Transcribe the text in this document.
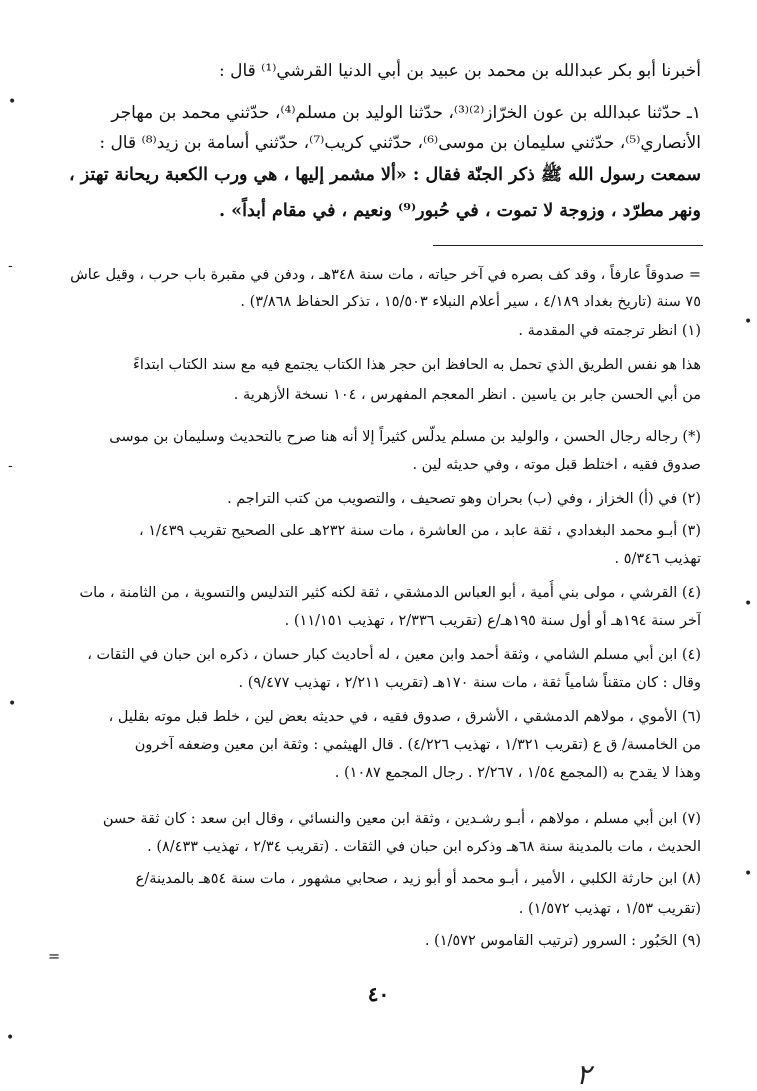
أخبرنا أبو بكر عبدالله بن محمد بن عبيد بن أبي الدنيا القرشي⁽¹⁾ قال :
١ـ حدّثنا عبدالله بن عون الخرّاز⁽²⁾⁽³⁾، حدّثنا الوليد بن مسلم⁽⁴⁾، حدّثني محمد بن مهاجر
الأنصاري⁽⁵⁾، حدّثني سليمان بن موسى⁽⁶⁾، حدّثني كريب⁽⁷⁾، حدّثني أسامة بن زيد⁽⁸⁾ قال :
سمعت رسول الله ﷺ ذكر الجنّة فقال : «ألا مشمر إليها ، هي ورب الكعبة ريحانة تهتز ،
ونهر مطرّد ، وزوجة لا تموت ، في حُبور⁽⁹⁾ ونعيم ، في مقام أبداً» .
= صدوقاً عارفاً ، وقد كف بصره في آخر حياته ، مات سنة ٣٤٨هـ ، ودفن في مقبرة باب حرب ، وقيل عاش
٧٥ سنة (تاريخ بغداد ٤/١٨٩ ، سير أعلام النبلاء ١٥/٥٠٣ ، تذكر الحفاظ ٣/٨٦٨) .
(١) انظر ترجمته في المقدمة .
هذا هو نفس الطريق الذي تحمل به الحافظ ابن حجر هذا الكتاب يجتمع فيه مع سند الكتاب ابتداءً
من أبي الحسن جابر بن ياسين . انظر المعجم المفهرس ، ١٠٤ نسخة الأزهرية .
(*) رجاله رجال الحسن ، والوليد بن مسلم يدلّس كثيراً إلا أنه هنا صرح بالتحديث وسليمان بن موسى
صدوق فقيه ، اختلط قبل موته ، وفي حديثه لين .
(٢) في (أ) الخزاز ، وفي (ب) بحران وهو تصحيف ، والتصويب من كتب التراجم .
(٣) أبـو محمد البغدادي ، ثقة عابد ، من العاشرة ، مات سنة ٢٣٢هـ على الصحيح تقريب ١/٤٣٩ ،
تهذيب ٥/٣٤٦ .
(٤) القرشي ، مولى بني أُمية ، أبو العباس الدمشقي ، ثقة لكنه كثير التدليس والتسوية ، من الثامنة ، مات
آخر سنة ١٩٤هـ أو أول سنة ١٩٥هـ/ع (تقريب ٢/٣٣٦ ، تهذيب ١١/١٥١) .
(٤) ابن أبي مسلم الشامي ، وثقة أحمد وابن معين ، له أحاديث كبار حسان ، ذكره ابن حبان في الثقات ،
وقال : كان متقناً شامياً ثقة ، مات سنة ١٧٠هـ (تقريب ٢/٢١١ ، تهذيب ٩/٤٧٧) .
(٦) الأموي ، مولاهم الدمشقي ، الأشرق ، صدوق فقيه ، في حديثه بعض لين ، خلط قبل موته بقليل ،
من الخامسة/ ق ع (تقريب ١/٣٢١ ، تهذيب ٤/٢٢٦) . قال الهيثمي : وثقة ابن معين وضعفه آخرون
وهذا لا يقدح به (المجمع ١/٥٤ ، ٢/٢٦٧ . رجال المجمع ١٠٨٧) .
(٧) ابن أبي مسلم ، مولاهم ، أبـو رشـدين ، وثقة ابن معين والنسائي ، وقال ابن سعد : كان ثقة حسن
الحديث ، مات بالمدينة سنة ٦٨هـ وذكره ابن حبان في الثقات . (تقريب ٢/٣٤ ، تهذيب ٨/٤٣٣) .
(٨) ابن حارثة الكلبي ، الأمير ، أبـو محمد أو أبو زيد ، صحابي مشهور ، مات سنة ٥٤هـ بالمدينة/ع
(تقريب ١/٥٣ ، تهذيب ١/٥٧٢) .
(٩) الحَبُور : السرور (ترتيب القاموس ١/٥٧٢) .
=
٤٠
•
-
-
•
•
•
•
•
٢
